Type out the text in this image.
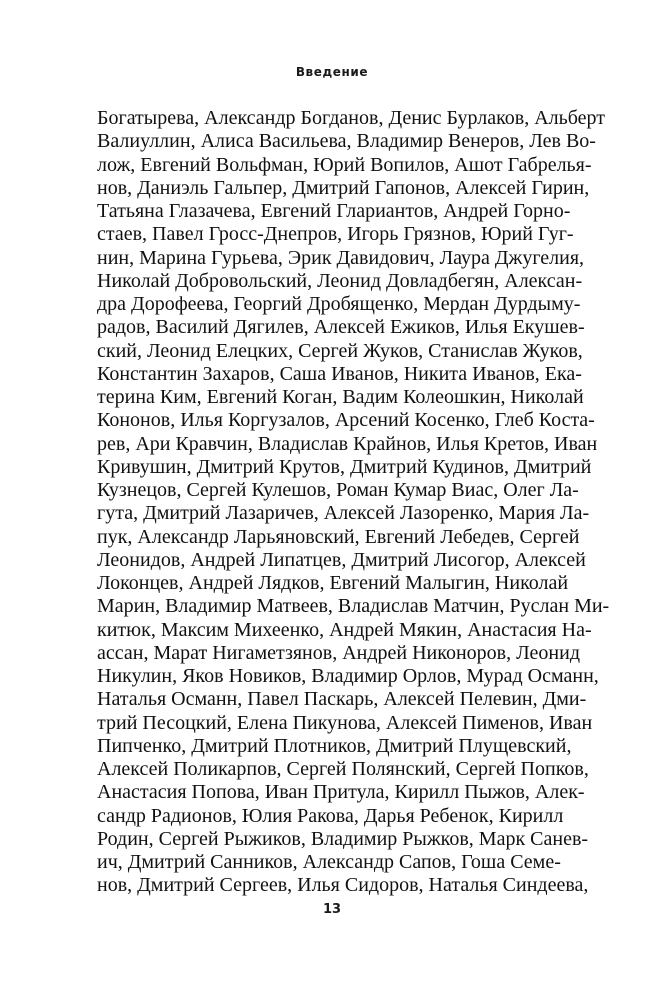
Введение
Богатырева, Александр Богданов, Денис Бурлаков, Альберт
Валиуллин, Алиса Васильева, Владимир Венеров, Лев Во-
лож, Евгений Вольфман, Юрий Вопилов, Ашот Габрелья-
нов, Даниэль Гальпер, Дмитрий Гапонов, Алексей Гирин,
Татьяна Глазачева, Евгений Глариантов, Андрей Горно-
стаев, Павел Гросс-Днепров, Игорь Грязнов, Юрий Гуг-
нин, Марина Гурьева, Эрик Давидович, Лаура Джугелия,
Николай Добровольский, Леонид Довладбегян, Алексан-
дра Дорофеева, Георгий Дробященко, Мердан Дурдыму-
радов, Василий Дягилев, Алексей Ежиков, Илья Екушев-
ский, Леонид Елецких, Сергей Жуков, Станислав Жуков,
Константин Захаров, Саша Иванов, Никита Иванов, Ека-
терина Ким, Евгений Коган, Вадим Колеошкин, Николай
Кононов, Илья Коргузалов, Арсений Косенко, Глеб Костa-
рев, Ари Кравчин, Владислав Крайнов, Илья Кретов, Иван
Кривушин, Дмитрий Крутов, Дмитрий Кудинов, Дмитрий
Кузнецов, Сергей Кулешов, Роман Кумар Виас, Олег Ла-
гута, Дмитрий Лазаричев, Алексей Лазоренко, Мария Ла-
пук, Александр Ларьяновский, Евгений Лебедев, Сергей
Леонидов, Андрей Липатцев, Дмитрий Лисогор, Алексей
Локонцев, Андрей Лядков, Евгений Малыгин, Николай
Марин, Владимир Матвеев, Владислав Матчин, Руслан Ми-
китюк, Максим Михеенко, Андрей Мякин, Анастасия На-
ассан, Марат Нигаметзянов, Андрей Никоноров, Леонид
Никулин, Яков Новиков, Владимир Орлов, Мурад Османн,
Наталья Османн, Павел Паскарь, Алексей Пелевин, Дми-
трий Песоцкий, Елена Пикунова, Алексей Пименов, Иван
Пипченко, Дмитрий Плотников, Дмитрий Плущевский,
Алексей Поликарпов, Сергей Полянский, Сергей Попков,
Анастасия Попова, Иван Притула, Кирилл Пыжов, Алек-
сандр Радионов, Юлия Ракова, Дарья Ребенок, Кирилл
Родин, Сергей Рыжиков, Владимир Рыжков, Марк Санев-
ич, Дмитрий Санников, Александр Сапов, Гоша Семе-
нов, Дмитрий Сергеев, Илья Сидоров, Наталья Синдеева,
13
